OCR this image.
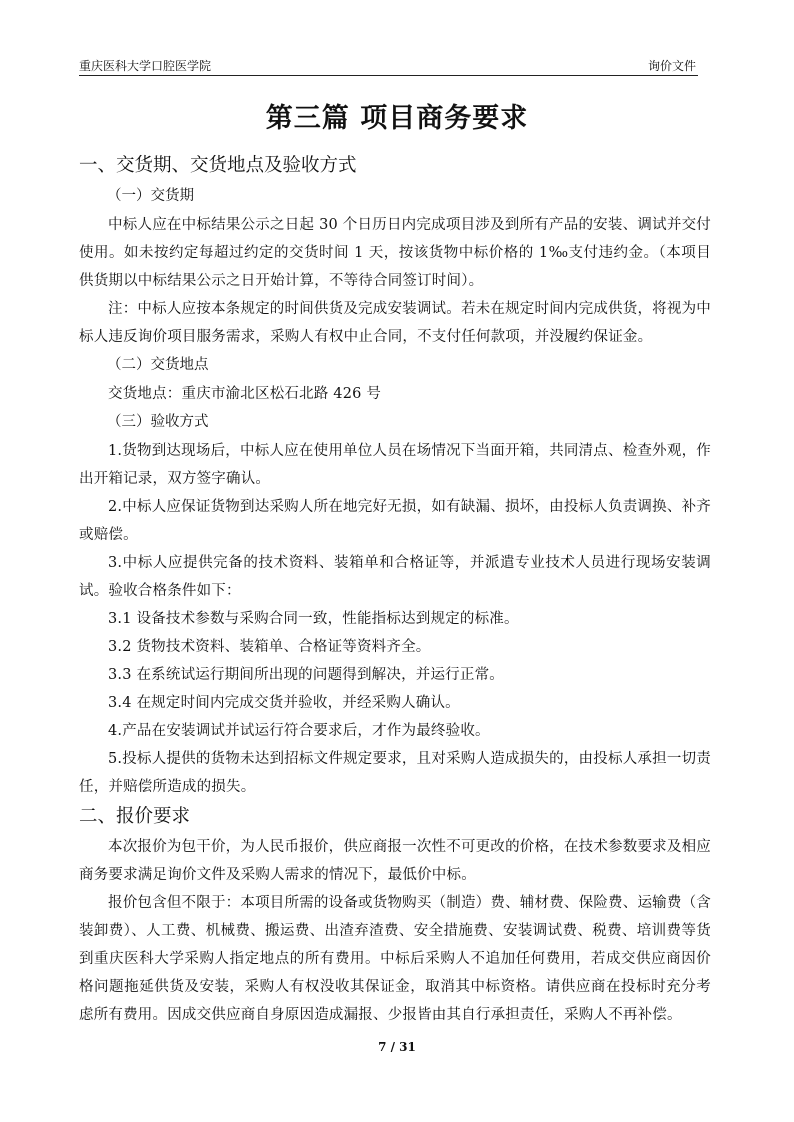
重庆医科大学口腔医学院	询价文件
第三篇 项目商务要求
一、交货期、交货地点及验收方式
（一）交货期

中标人应在中标结果公示之日起 30 个日历日内完成项目涉及到所有产品的安装、调试并交付使用。如未按约定每超过约定的交货时间 1 天，按该货物中标价格的 1‰支付违约金。（本项目供货期以中标结果公示之日开始计算，不等待合同签订时间）。

注：中标人应按本条规定的时间供货及完成安装调试。若未在规定时间内完成供货，将视为中标人违反询价项目服务需求，采购人有权中止合同，不支付任何款项，并没履约保证金。

（二）交货地点

交货地点：重庆市渝北区松石北路 426 号

（三）验收方式

1.货物到达现场后，中标人应在使用单位人员在场情况下当面开箱，共同清点、检查外观，作出开箱记录，双方签字确认。

2.中标人应保证货物到达采购人所在地完好无损，如有缺漏、损坏，由投标人负责调换、补齐或赔偿。

3.中标人应提供完备的技术资料、装箱单和合格证等，并派遣专业技术人员进行现场安装调试。验收合格条件如下：

3.1 设备技术参数与采购合同一致，性能指标达到规定的标准。

3.2 货物技术资料、装箱单、合格证等资料齐全。

3.3 在系统试运行期间所出现的问题得到解决，并运行正常。

3.4 在规定时间内完成交货并验收，并经采购人确认。

4.产品在安装调试并试运行符合要求后，才作为最终验收。

5.投标人提供的货物未达到招标文件规定要求，且对采购人造成损失的，由投标人承担一切责任，并赔偿所造成的损失。

二、报价要求

本次报价为包干价，为人民币报价，供应商报一次性不可更改的价格，在技术参数要求及相应商务要求满足询价文件及采购人需求的情况下，最低价中标。

报价包含但不限于：本项目所需的设备或货物购买（制造）费、辅材费、保险费、运输费（含装卸费）、人工费、机械费、搬运费、出渣弃渣费、安全措施费、安装调试费、税费、培训费等货到重庆医科大学采购人指定地点的所有费用。中标后采购人不追加任何费用，若成交供应商因价格问题拖延供货及安装，采购人有权没收其保证金，取消其中标资格。请供应商在投标时充分考虑所有费用。因成交供应商自身原因造成漏报、少报皆由其自行承担责任，采购人不再补偿。

7 / 31
